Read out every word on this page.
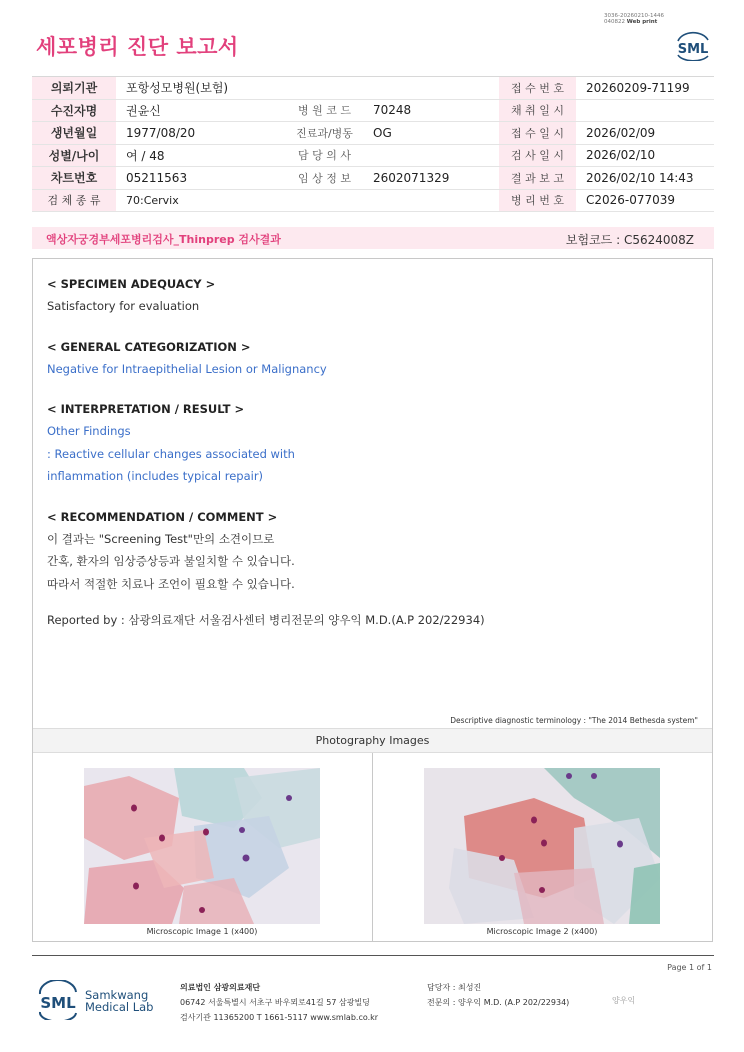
3036-20260210-1446
040822 Web print
세포병리 진단 보고서	SML
의뢰기관	포항성모병원(보험)			접 수 번 호	20260209-71199
수진자명	권윤신	병 원 코 드	70248	채 취 일 시	
생년월일	1977/08/20	진료과/병동	OG	접 수 일 시	2026/02/09
성별/나이	여 / 48	담 당 의 사		검 사 일 시	2026/02/10
차트번호	05211563	임 상 정 보	2602071329	결 과 보 고	2026/02/10 14:43
검 체 종 류	70:Cervix			병 리 번 호	C2026-077039
액상자궁경부세포병리검사_Thinprep 검사결과	보험코드 : C5624008Z
< SPECIMEN ADEQUACY >
Satisfactory for evaluation
< GENERAL CATEGORIZATION >
Negative for Intraepithelial Lesion or Malignancy
< INTERPRETATION / RESULT >
Other Findings
: Reactive cellular changes associated with
inflammation (includes typical repair)
< RECOMMENDATION / COMMENT >
이 결과는 "Screening Test"만의 소견이므로
간혹, 환자의 임상증상등과 불일치할 수 있습니다.
따라서 적절한 치료나 조언이 필요할 수 있습니다.
Reported by : 삼광의료재단 서울검사센터 병리전문의 양우익 M.D.(A.P 202/22934)
Descriptive diagnostic terminology : "The 2014 Bethesda system"
Photography Images
Microscopic Image 1 (x400)	Microscopic Image 2 (x400)
Page 1 of 1
SML Samkwang
Medical Lab
의료법인 삼광의료재단
06742 서울특별시 서초구 바우뫼로41길 57 삼광빌딩
검사기관 11365200 T 1661-5117 www.smlab.co.kr
담당자 : 최성진
전문의 : 양우익 M.D. (A.P 202/22934)	양우익
